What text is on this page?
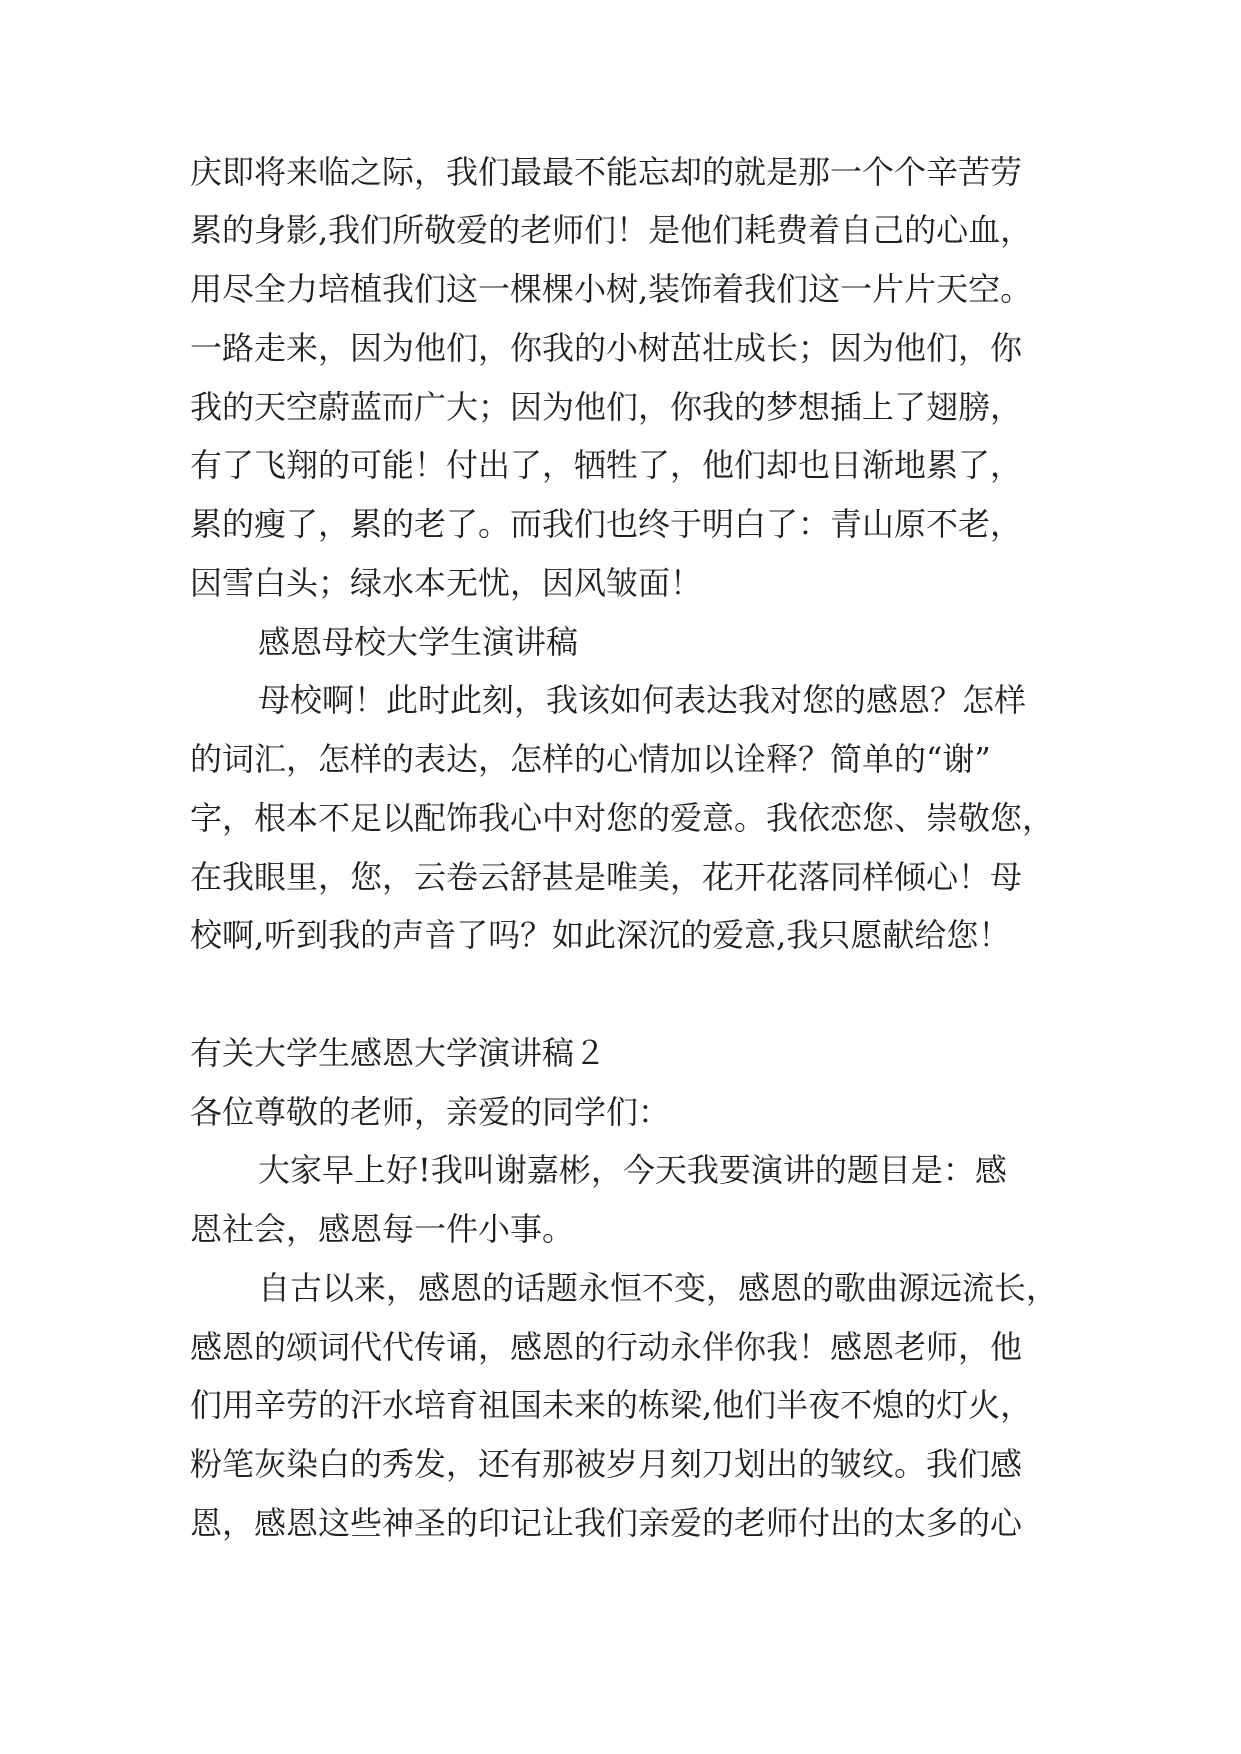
庆即将来临之际，我们最最不能忘却的就是那一个个辛苦劳
累的身影,我们所敬爱的老师们！是他们耗费着自己的心血，
用尽全力培植我们这一棵棵小树,装饰着我们这一片片天空。
一路走来，因为他们，你我的小树茁壮成长；因为他们，你
我的天空蔚蓝而广大；因为他们，你我的梦想插上了翅膀，
有了飞翔的可能！付出了，牺牲了，他们却也日渐地累了，
累的瘦了，累的老了。而我们也终于明白了：青山原不老，
因雪白头；绿水本无忧，因风皱面！
感恩母校大学生演讲稿
母校啊！此时此刻，我该如何表达我对您的感恩？怎样
的词汇，怎样的表达，怎样的心情加以诠释？简单的“谢”
字，根本不足以配饰我心中对您的爱意。我依恋您、崇敬您，
在我眼里，您，云卷云舒甚是唯美，花开花落同样倾心！母
校啊,听到我的声音了吗？如此深沉的爱意,我只愿献给您！
有关大学生感恩大学演讲稿２
各位尊敬的老师，亲爱的同学们：
大家早上好!我叫谢嘉彬，今天我要演讲的题目是：感
恩社会，感恩每一件小事。
自古以来，感恩的话题永恒不变，感恩的歌曲源远流长，
感恩的颂词代代传诵，感恩的行动永伴你我！感恩老师，他
们用辛劳的汗水培育祖国未来的栋梁,他们半夜不熄的灯火，
粉笔灰染白的秀发，还有那被岁月刻刀划出的皱纹。我们感
恩，感恩这些神圣的印记让我们亲爱的老师付出的太多的心
